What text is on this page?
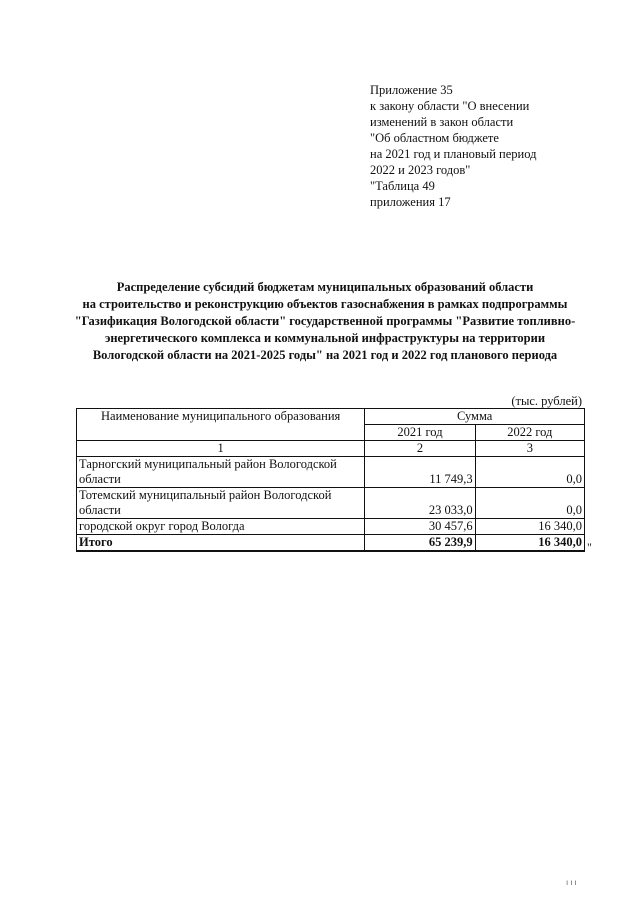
Приложение 35
к закону области "О внесении
изменений в закон области
"Об областном бюджете
на 2021 год и плановый период
2022 и 2023 годов"
"Таблица 49
приложения 17
Распределение субсидий бюджетам муниципальных образований области
на строительство и реконструкцию объектов газоснабжения в рамках подпрограммы
"Газификация Вологодской области" государственной программы "Развитие топливно-
энергетического комплекса и коммунальной инфраструктуры на территории
Вологодской области на 2021-2025 годы" на 2021 год и 2022 год планового периода
(тыс. рублей)
Наименование муниципального образования	Сумма	
	2021 год	2022 год
1	2	3
Тарногский муниципальный район Вологодской
области	11 749,3	0,0
Тотемский муниципальный район Вологодской
области	23 033,0	0,0
городской округ город Вологда	30 457,6	16 340,0
Итого	65 239,9	16 340,0 "
ııı
